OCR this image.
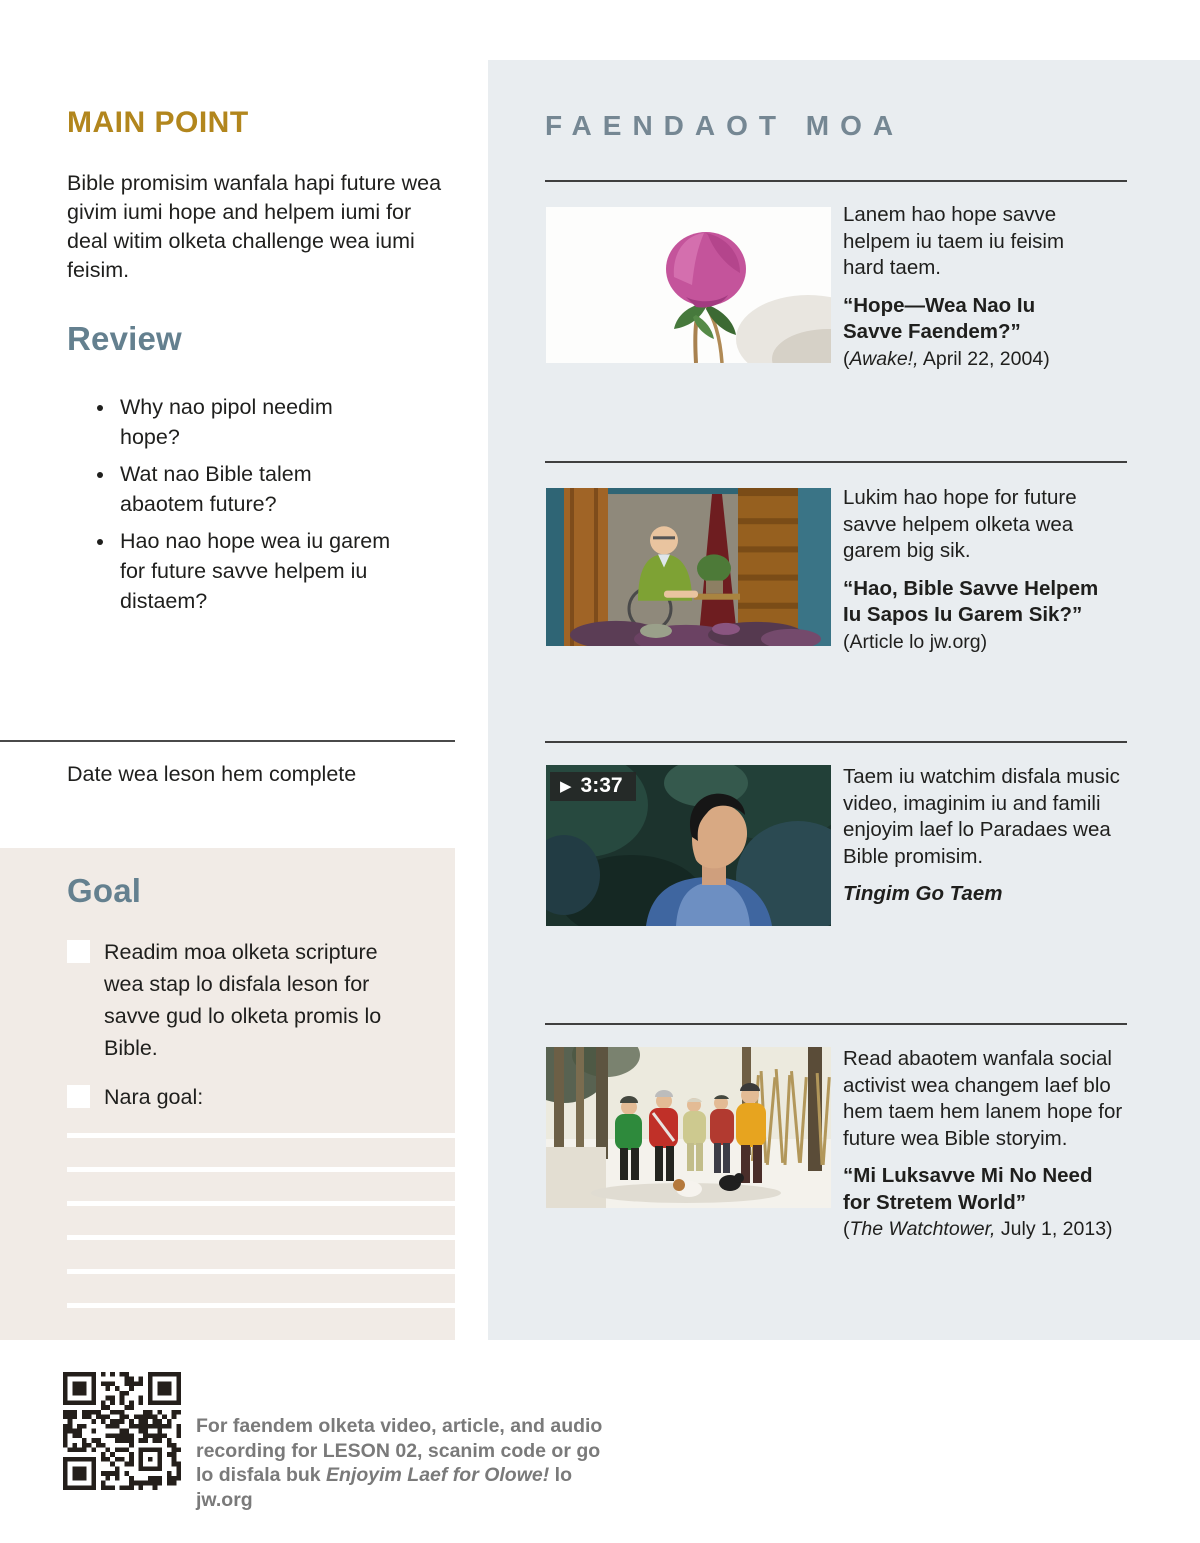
MAIN POINT

Bible promisim wanfala hapi future wea givim iumi hope and helpem iumi for deal witim olketa challenge wea iumi feisim.

Review
• Why nao pipol needim hope?
• Wat nao Bible talem abaotem future?
• Hao nao hope wea iu garem for future savve helpem iu distaem?

Date wea leson hem complete

Goal
Readim moa olketa scripture wea stap lo disfala leson for savve gud lo olketa promis lo Bible.
Nara goal:

For faendem olketa video, article, and audio recording for LESON 02, scanim code or go lo disfala buk Enjoyim Laef for Olowe! lo jw.org

FAENDAOT MOA

Lanem hao hope savve helpem iu taem iu feisim hard taem.

“Hope—Wea Nao Iu Savve Faendem?”

(Awake!, April 22, 2004)

Lukim hao hope for future savve helpem olketa wea garem big sik.

“Hao, Bible Savve Helpem Iu Sapos Iu Garem Sik?”

(Article lo jw.org)

▶ 3:37	Taem iu watchim disfala music video, imaginim iu and famili enjoyim laef lo Paradaes wea Bible promisim.

Tingim Go Taem

Read abaotem wanfala social activist wea changem laef blo hem taem hem lanem hope for future wea Bible storyim.

“Mi Luksavve Mi No Need for Stretem World”

(The Watchtower, July 1, 2013)
